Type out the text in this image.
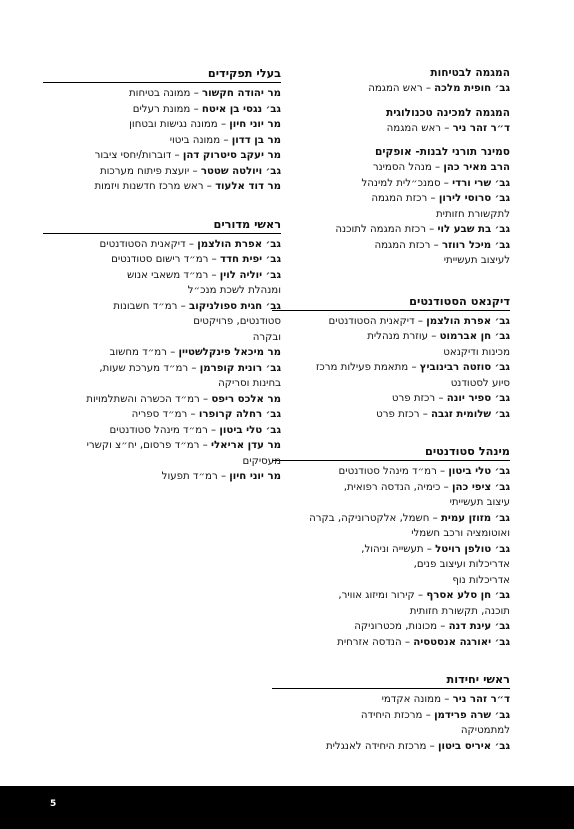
המגמה לבטיחות

גב׳ חופית מלכה – ראש המגמה

המגמה למכינה טכנולוגית

ד״ר זהר ניר – ראש המגמה

סמינר תורני לבנות- אופקים

הרב מאיר כהן – מנהל הסמינר

גב׳ שרי ורדי – סמנכ״לית למינהל

גב׳ סרוסי לירון – רכזת המגמה

לתקשורת חזותית

גב׳ בת שבע לוי – רכזת המגמה לתוכנה

גב׳ מיכל רווזר – רכזת המגמה

לעיצוב תעשייתי

דיקנאט הסטודנטים

גב׳ אפרת הולצמן – דיקאנית הסטודנטים

גב׳ חן אברמוט – עוזרת מנהלית

מכינות ודיקנאט

גב׳ סוזטה רבינוביץ – מתאמת פעילות מרכז

סיוע לסטודנט

גב׳ ספיר יונה – רכזת פרט

גב׳ שלומית זגבה – רכזת פרט

מינהל סטודנטים

גב׳ טלי ביטון – רמ״ד מינהל סטודנטים

גב׳ ציפי כהן – כימיה, הנדסה רפואית,

עיצוב תעשייתי

גב׳ מזוזן עמית – חשמל, אלקטרוניקה, בקרה

ואוטומציה ורכב חשמלי

גב׳ טולפן רויטל – תעשייה וניהול,

אדריכלות ועיצוב פנים,

אדריכלות נוף

גב׳ חן סלע אסרף – קירור ומיזוג אוויר,

תוכנה, תקשורת חזותית

גב׳ עינת דנה – מכונות, מכטרוניקה

גב׳ יאורגה אנסטסיה – הנדסה אזרחית

ראשי יחידות

ד״ר זהר ניר – ממונה אקדמי

גב׳ שרה פרידמן – מרכזת היחידה

למתמטיקה

גב׳ איריס ביטון – מרכזת היחידה לאנגלית

בעלי תפקידים

מר יהודה חקשור – ממונה בטיחות

גב׳ נגסי בן איטח – ממונת רעלים

מר יוני חיון – ממונה נגישות ובטחון

מר בן דדון – ממונה ביטוי

מר יעקב סיטרוק דהן – דוברות/יחסי ציבור

גב׳ ויולטה שטטר – יועצת פיתוח מערכות

מר דוד אלעוד – ראש מרכז חדשנות ויזמות

ראשי מדורים

גב׳ אפרת הולצמן – דיקאנית הסטודנטים

גב׳ יפית חדד – רמ״ד רישום סטודנטים

גב׳ יוליה לוין – רמ״ד משאבי אנוש

ומנהלת לשכת מנכ״ל

גב׳ חגית ספולניקוב – רמ״ד חשבונות

סטודנטים, פרויקטים

ובקרה

מר מיכאל פינקלשטיין – רמ״ד מחשוב

גב׳ רונית קופרמן – רמ״ד מערכת שעות,

בחינות וסריקה

מר אלכס ריפס – רמ״ד הכשרה והשתלמויות

גב׳ רחלה קרופרו – רמ״ד ספריה

גב׳ טלי ביטון – רמ״ד מינהל סטודנטים

מר עדן אריאלי – רמ״ד פרסום, יח״צ וקשרי

מעסיקים

מר יוני חיון – רמ״ד תפעול

5
